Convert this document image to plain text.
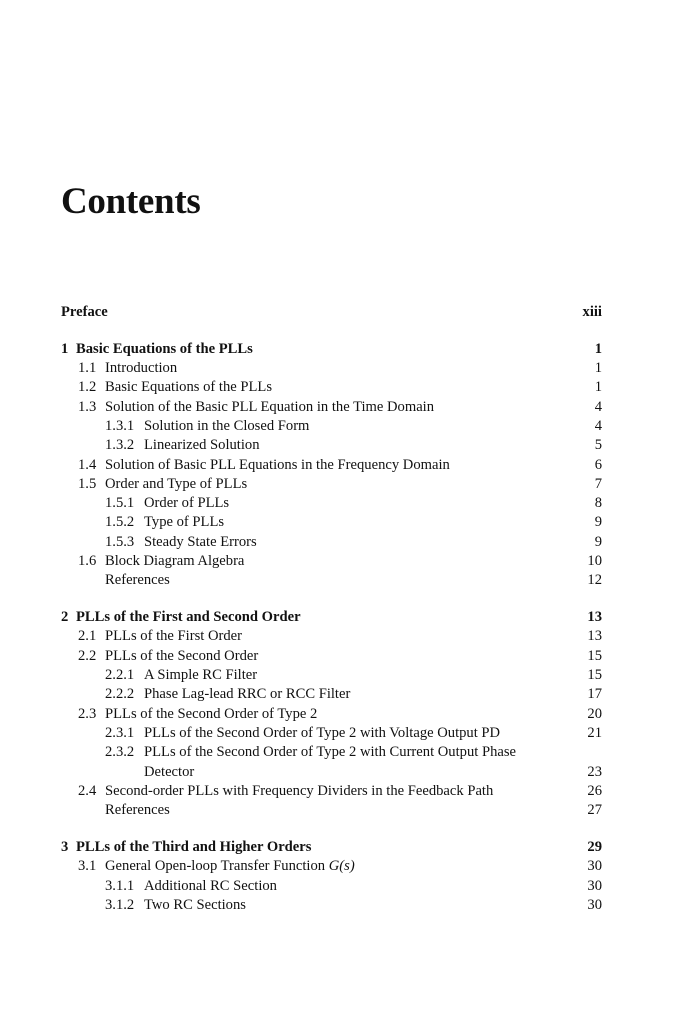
Contents
Preface	xiii
1 Basic Equations of the PLLs	1
1.1 Introduction	1
1.2 Basic Equations of the PLLs	1
1.3 Solution of the Basic PLL Equation in the Time Domain	4
1.3.1 Solution in the Closed Form	4
1.3.2 Linearized Solution	5
1.4 Solution of Basic PLL Equations in the Frequency Domain	6
1.5 Order and Type of PLLs	7
1.5.1 Order of PLLs	8
1.5.2 Type of PLLs	9
1.5.3 Steady State Errors	9
1.6 Block Diagram Algebra	10
References	12
2 PLLs of the First and Second Order	13
2.1 PLLs of the First Order	13
2.2 PLLs of the Second Order	15
2.2.1 A Simple RC Filter	15
2.2.2 Phase Lag-lead RRC or RCC Filter	17
2.3 PLLs of the Second Order of Type 2	20
2.3.1 PLLs of the Second Order of Type 2 with Voltage Output PD	21
2.3.2 PLLs of the Second Order of Type 2 with Current Output Phase
Detector	23
2.4 Second-order PLLs with Frequency Dividers in the Feedback Path	26
References	27
3 PLLs of the Third and Higher Orders	29
3.1 General Open-loop Transfer Function G(s)	30
3.1.1 Additional RC Section	30
3.1.2 Two RC Sections	30
